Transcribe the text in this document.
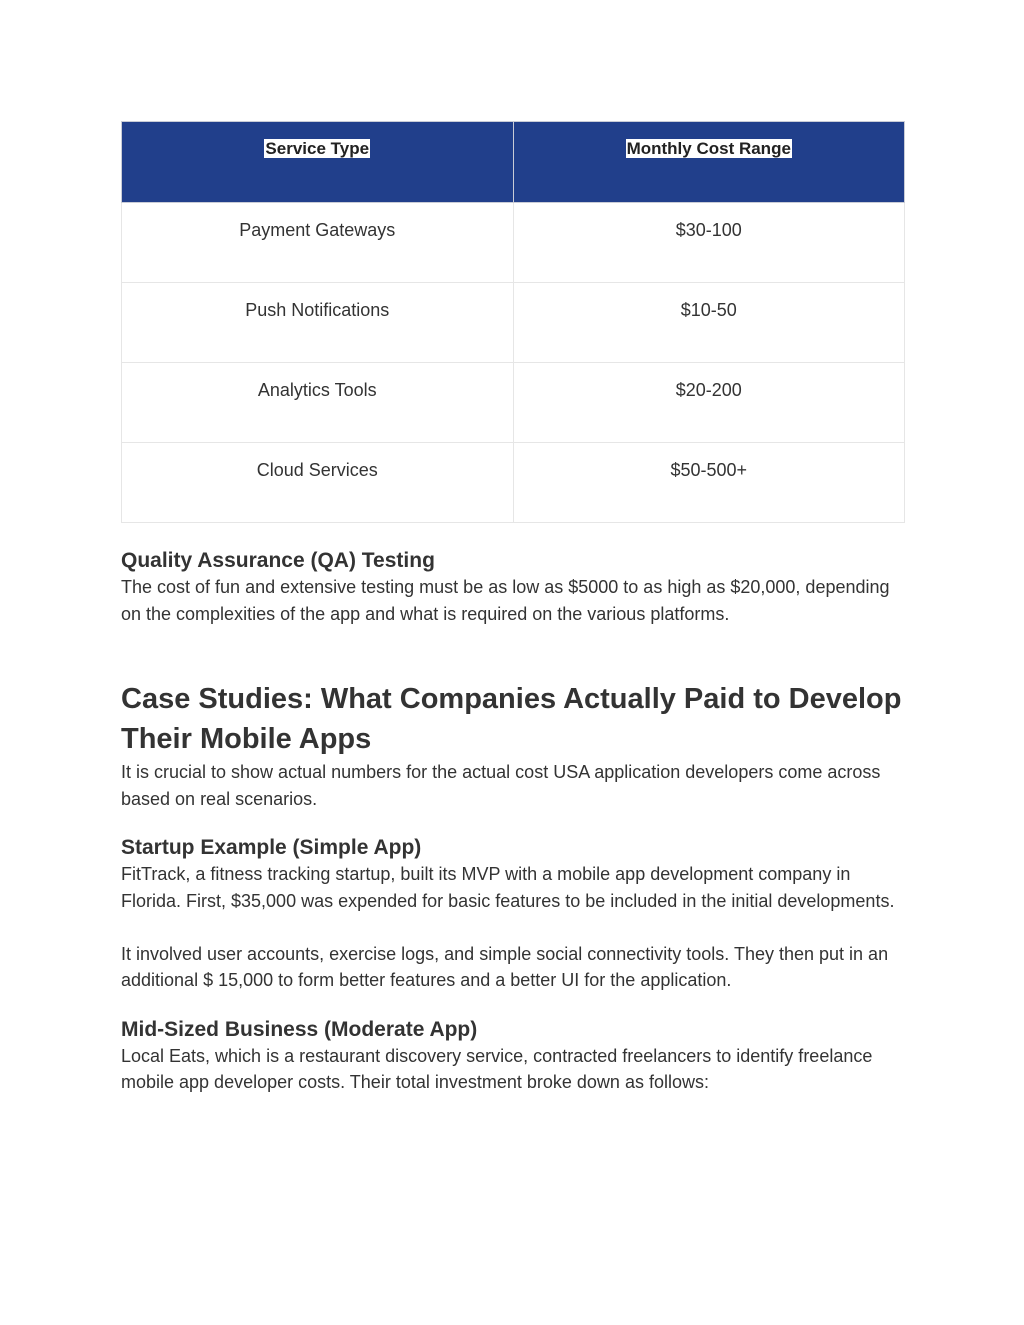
Service Type	Monthly Cost Range
Payment Gateways	$30-100
Push Notifications	$10-50
Analytics Tools	$20-200
Cloud Services	$50-500+
Quality Assurance (QA) Testing

The cost of fun and extensive testing must be as low as $5000 to as high as $20,000, depending on the complexities of the app and what is required on the various platforms.

Case Studies: What Companies Actually Paid to Develop Their Mobile Apps

It is crucial to show actual numbers for the actual cost USA application developers come across based on real scenarios.

Startup Example (Simple App)

FitTrack, a fitness tracking startup, built its MVP with a mobile app development company in Florida. First, $35,000 was expended for basic features to be included in the initial developments.

It involved user accounts, exercise logs, and simple social connectivity tools. They then put in an additional $ 15,000 to form better features and a better UI for the application.

Mid-Sized Business (Moderate App)

Local Eats, which is a restaurant discovery service, contracted freelancers to identify freelance mobile app developer costs. Their total investment broke down as follows:
